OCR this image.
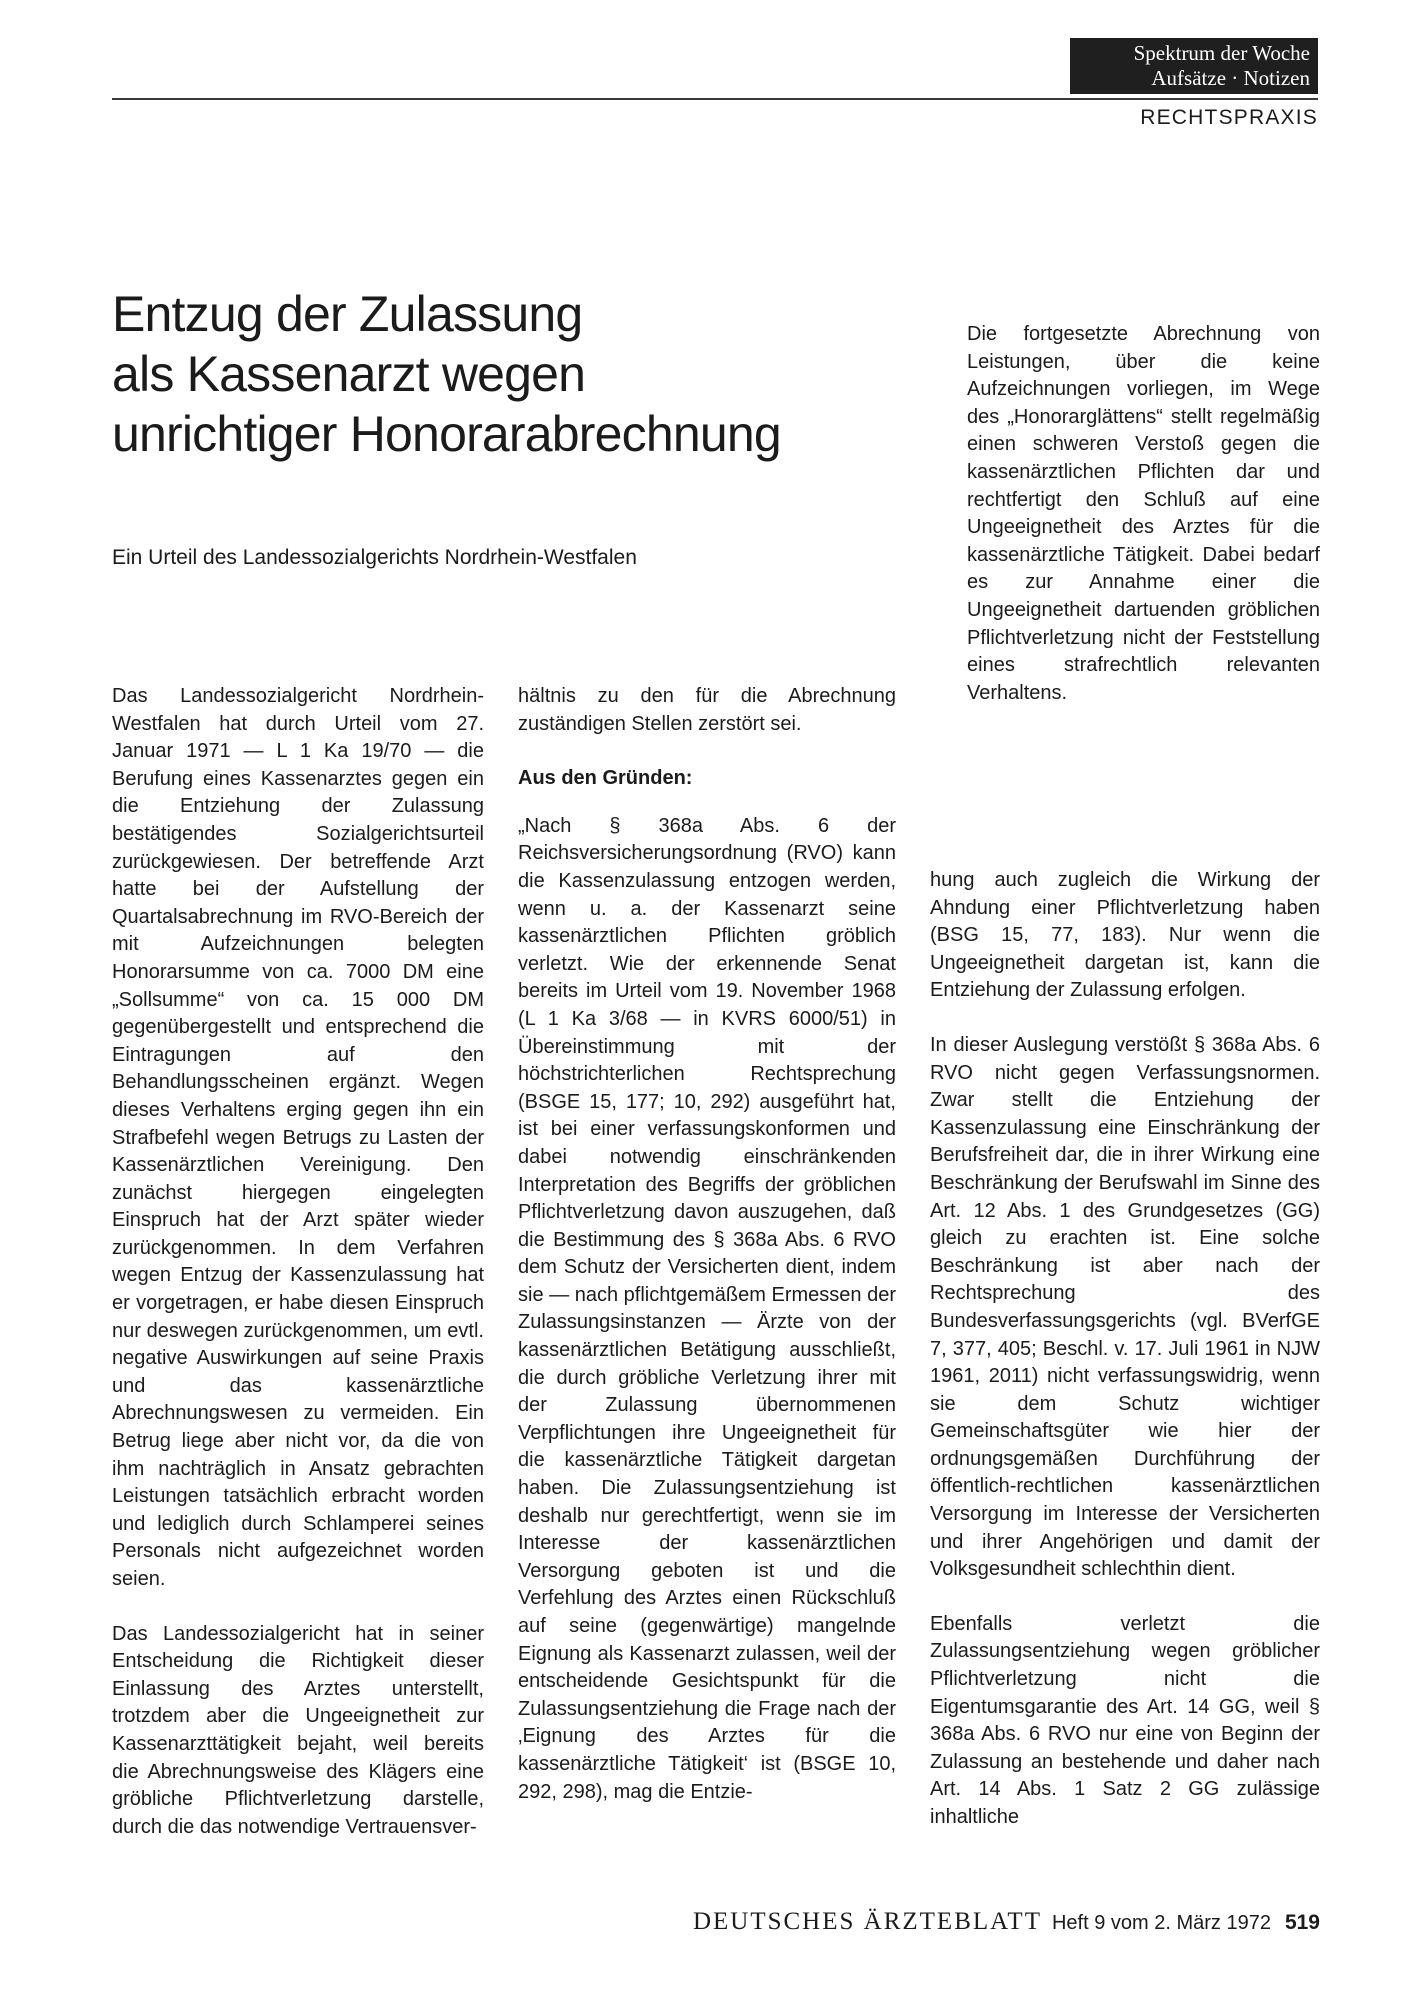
Spektrum der Woche
Aufsätze · Notizen
RECHTSPRAXIS
Entzug der Zulassung
als Kassenarzt wegen
unrichtiger Honorarabrechnung
Ein Urteil des Landessozialgerichts Nordrhein-Westfalen

Das Landessozialgericht Nordrhein-Westfalen hat durch Urteil vom 27. Januar 1971 — L 1 Ka 19/70 — die Berufung eines Kassenarztes gegen ein die Entziehung der Zulassung bestätigendes Sozialgerichtsurteil zurückgewiesen. Der betreffende Arzt hatte bei der Aufstellung der Quartalsabrechnung im RVO-Bereich der mit Aufzeichnungen belegten Honorarsumme von ca. 7000 DM eine „Sollsumme“ von ca. 15 000 DM gegenübergestellt und entsprechend die Eintragungen auf den Behandlungsscheinen ergänzt. Wegen dieses Verhaltens erging gegen ihn ein Strafbefehl wegen Betrugs zu Lasten der Kassenärztlichen Vereinigung. Den zunächst hiergegen eingelegten Einspruch hat der Arzt später wieder zurückgenommen. In dem Verfahren wegen Entzug der Kassenzulassung hat er vorgetragen, er habe diesen Einspruch nur deswegen zurückgenommen, um evtl. negative Auswirkungen auf seine Praxis und das kassenärztliche Abrechnungswesen zu vermeiden. Ein Betrug liege aber nicht vor, da die von ihm nachträglich in Ansatz gebrachten Leistungen tatsächlich erbracht worden und lediglich durch Schlamperei seines Personals nicht aufgezeichnet worden seien.

Das Landessozialgericht hat in seiner Entscheidung die Richtigkeit dieser Einlassung des Arztes unterstellt, trotzdem aber die Ungeeignetheit zur Kassenarzttätigkeit bejaht, weil bereits die Abrechnungsweise des Klägers eine gröbliche Pflichtverletzung darstelle, durch die das notwendige Vertrauensver-

hältnis zu den für die Abrechnung zuständigen Stellen zerstört sei.

Aus den Gründen:

„Nach § 368a Abs. 6 der Reichsversicherungsordnung (RVO) kann die Kassenzulassung entzogen werden, wenn u. a. der Kassenarzt seine kassenärztlichen Pflichten gröblich verletzt. Wie der erkennende Senat bereits im Urteil vom 19. November 1968 (L 1 Ka 3/68 — in KVRS 6000/51) in Übereinstimmung mit der höchstrichterlichen Rechtsprechung (BSGE 15, 177; 10, 292) ausgeführt hat, ist bei einer verfassungskonformen und dabei notwendig einschränkenden Interpretation des Begriffs der gröblichen Pflichtverletzung davon auszugehen, daß die Bestimmung des § 368a Abs. 6 RVO dem Schutz der Versicherten dient, indem sie — nach pflichtgemäßem Ermessen der Zulassungsinstanzen — Ärzte von der kassenärztlichen Betätigung ausschließt, die durch gröbliche Verletzung ihrer mit der Zulassung übernommenen Verpflichtungen ihre Ungeeignetheit für die kassenärztliche Tätigkeit dargetan haben. Die Zulassungsentziehung ist deshalb nur gerechtfertigt, wenn sie im Interesse der kassenärztlichen Versorgung geboten ist und die Verfehlung des Arztes einen Rückschluß auf seine (gegenwärtige) mangelnde Eignung als Kassenarzt zulassen, weil der entscheidende Gesichtspunkt für die Zulassungsentziehung die Frage nach der ‚Eignung des Arztes für die kassenärztliche Tätigkeit‘ ist (BSGE 10, 292, 298), mag die Entzie-

Die fortgesetzte Abrechnung von Leistungen, über die keine Aufzeichnungen vorliegen, im Wege des „Honorarglättens“ stellt regelmäßig einen schweren Verstoß gegen die kassenärztlichen Pflichten dar und rechtfertigt den Schluß auf eine Ungeeignetheit des Arztes für die kassenärztliche Tätigkeit. Dabei bedarf es zur Annahme einer die Ungeeignetheit dartuenden gröblichen Pflichtverletzung nicht der Feststellung eines strafrechtlich relevanten Verhaltens.

hung auch zugleich die Wirkung der Ahndung einer Pflichtverletzung haben (BSG 15, 77, 183). Nur wenn die Ungeeignetheit dargetan ist, kann die Entziehung der Zulassung erfolgen.

In dieser Auslegung verstößt § 368a Abs. 6 RVO nicht gegen Verfassungsnormen. Zwar stellt die Entziehung der Kassenzulassung eine Einschränkung der Berufsfreiheit dar, die in ihrer Wirkung eine Beschränkung der Berufswahl im Sinne des Art. 12 Abs. 1 des Grundgesetzes (GG) gleich zu erachten ist. Eine solche Beschränkung ist aber nach der Rechtsprechung des Bundesverfassungsgerichts (vgl. BVerfGE 7, 377, 405; Beschl. v. 17. Juli 1961 in NJW 1961, 2011) nicht verfassungswidrig, wenn sie dem Schutz wichtiger Gemeinschaftsgüter wie hier der ordnungsgemäßen Durchführung der öffentlich-rechtlichen kassenärztlichen Versorgung im Interesse der Versicherten und ihrer Angehörigen und damit der Volksgesundheit schlechthin dient.

Ebenfalls verletzt die Zulassungsentziehung wegen gröblicher Pflichtverletzung nicht die Eigentumsgarantie des Art. 14 GG, weil § 368a Abs. 6 RVO nur eine von Beginn der Zulassung an bestehende und daher nach Art. 14 Abs. 1 Satz 2 GG zulässige inhaltliche

DEUTSCHES ÄRZTEBLATT Heft 9 vom 2. März 1972 519
